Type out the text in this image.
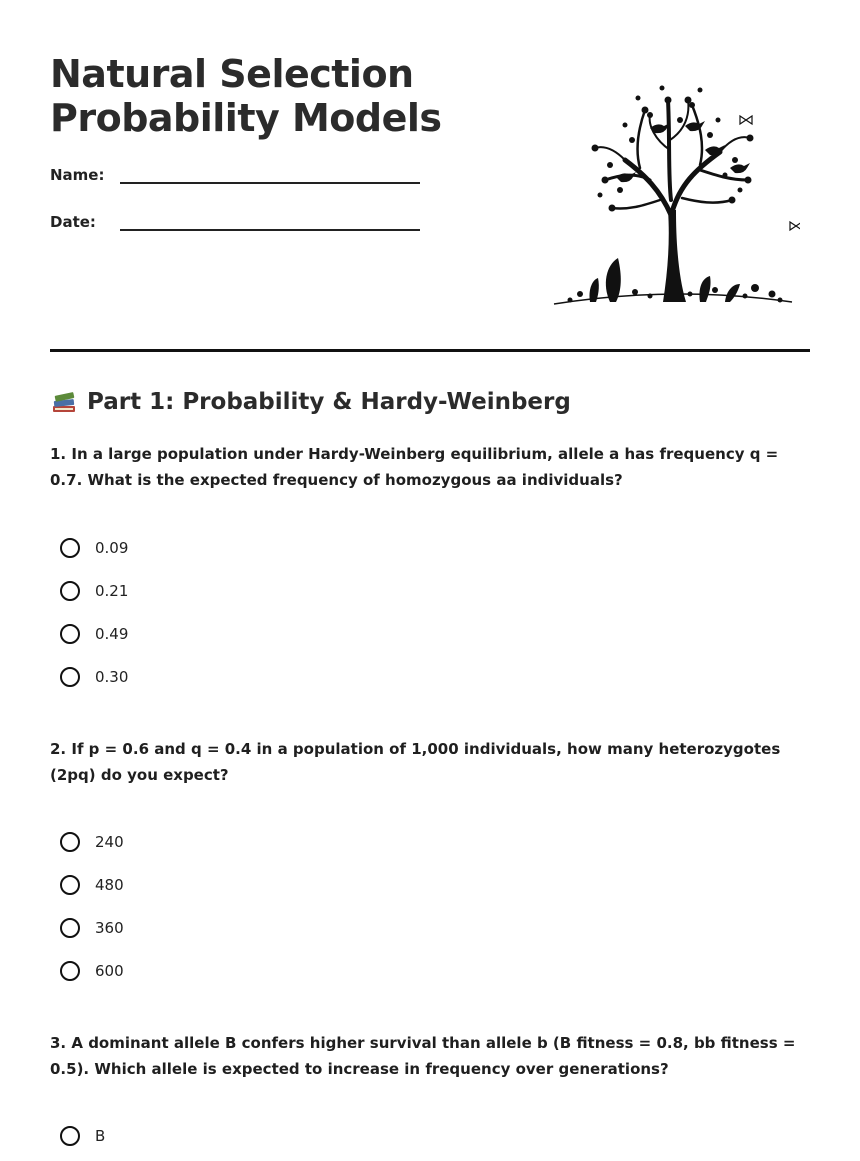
Natural Selection
Probability Models
Name:
Date:
Part 1: Probability & Hardy-Weinberg
1. In a large population under Hardy-Weinberg equilibrium, allele a has frequency q = 0.7. What is the expected frequency of homozygous aa individuals?
0.09
0.21
0.49
0.30
2. If p = 0.6 and q = 0.4 in a population of 1,000 individuals, how many heterozygotes (2pq) do you expect?
240
480
360
600
3. A dominant allele B confers higher survival than allele b (B fitness = 0.8, bb fitness = 0.5). Which allele is expected to increase in frequency over generations?
B
